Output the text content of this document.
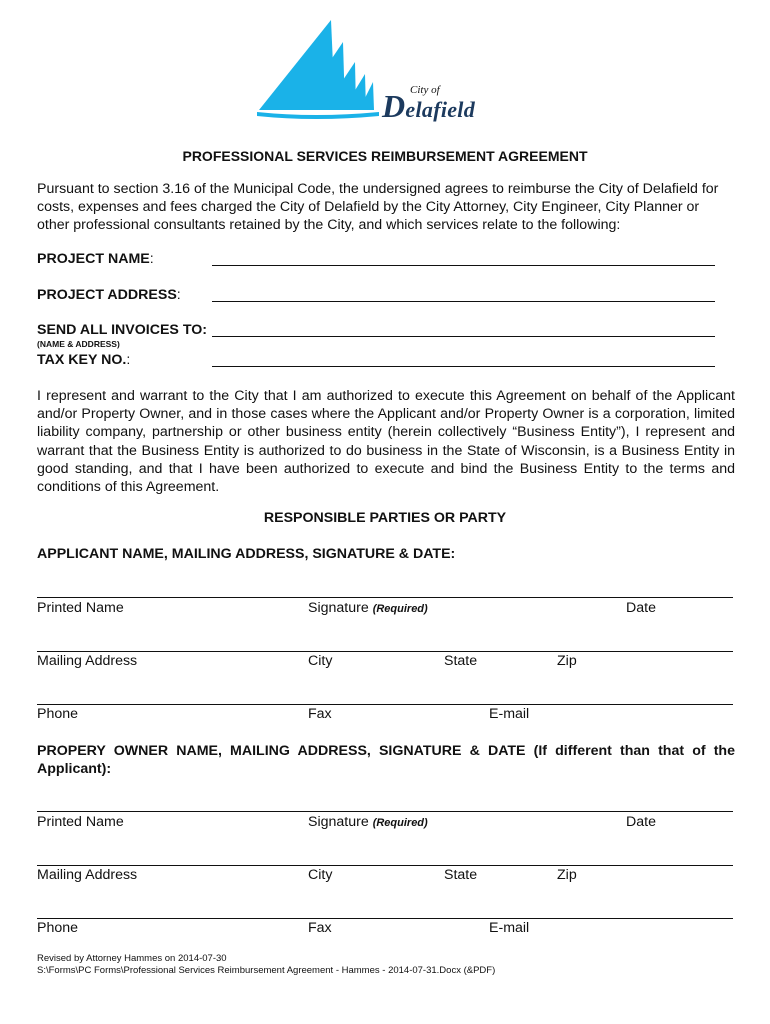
City of
Delafield
PROFESSIONAL SERVICES REIMBURSEMENT AGREEMENT
Pursuant to section 3.16 of the Municipal Code, the undersigned agrees to reimburse the City of Delafield for costs, expenses and fees charged the City of Delafield by the City Attorney, City Engineer, City Planner or other professional consultants retained by the City, and which services relate to the following:
PROJECT NAME:
PROJECT ADDRESS:
SEND ALL INVOICES TO:
(NAME & ADDRESS)
TAX KEY NO.:
I represent and warrant to the City that I am authorized to execute this Agreement on behalf of the Applicant and/or Property Owner, and in those cases where the Applicant and/or Property Owner is a corporation, limited liability company, partnership or other business entity (herein collectively “Business Entity”), I represent and warrant that the Business Entity is authorized to do business in the State of Wisconsin, is a Business Entity in good standing, and that I have been authorized to execute and bind the Business Entity to the terms and conditions of this Agreement.
RESPONSIBLE PARTIES OR PARTY
APPLICANT NAME, MAILING ADDRESS, SIGNATURE & DATE:
Printed Name	Signature (Required)	Date
Mailing Address	City	State	Zip
Phone	Fax	E-mail
PROPERY OWNER NAME, MAILING ADDRESS, SIGNATURE & DATE (If different than that of the Applicant):
Printed Name	Signature (Required)	Date
Mailing Address	City	State	Zip
Phone	Fax	E-mail
Revised by Attorney Hammes on 2014-07-30
S:\Forms\PC Forms\Professional Services Reimbursement Agreement - Hammes - 2014-07-31.Docx (&PDF)
